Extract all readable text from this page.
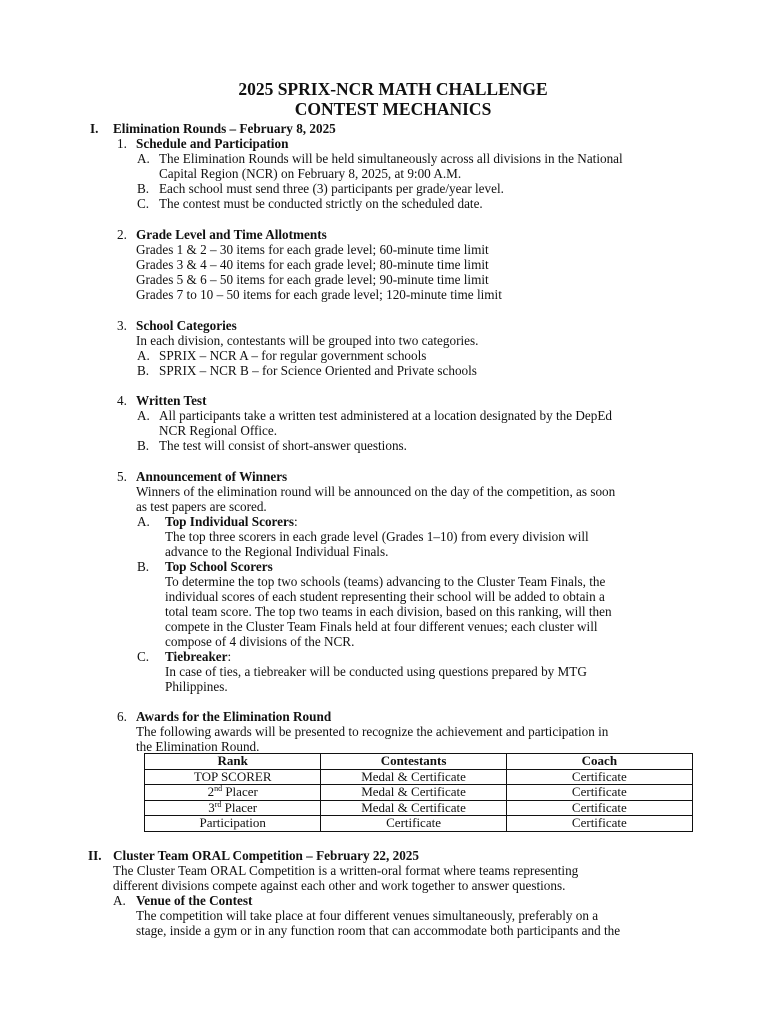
2025 SPRIX-NCR MATH CHALLENGE
CONTEST MECHANICS
I. Elimination Rounds – February 8, 2025
1. Schedule and Participation
A. The Elimination Rounds will be held simultaneously across all divisions in the National
Capital Region (NCR) on February 8, 2025, at 9:00 A.M.
B. Each school must send three (3) participants per grade/year level.
C. The contest must be conducted strictly on the scheduled date.
2. Grade Level and Time Allotments
Grades 1 & 2 – 30 items for each grade level; 60-minute time limit
Grades 3 & 4 – 40 items for each grade level; 80-minute time limit
Grades 5 & 6 – 50 items for each grade level; 90-minute time limit
Grades 7 to 10 – 50 items for each grade level; 120-minute time limit
3. School Categories
In each division, contestants will be grouped into two categories.
A. SPRIX – NCR A – for regular government schools
B. SPRIX – NCR B – for Science Oriented and Private schools
4. Written Test
A. All participants take a written test administered at a location designated by the DepEd
NCR Regional Office.
B. The test will consist of short-answer questions.
5. Announcement of Winners
Winners of the elimination round will be announced on the day of the competition, as soon
as test papers are scored.
A. Top Individual Scorers:
The top three scorers in each grade level (Grades 1–10) from every division will
advance to the Regional Individual Finals.
B. Top School Scorers
To determine the top two schools (teams) advancing to the Cluster Team Finals, the
individual scores of each student representing their school will be added to obtain a
total team score. The top two teams in each division, based on this ranking, will then
compete in the Cluster Team Finals held at four different venues; each cluster will
compose of 4 divisions of the NCR.
C. Tiebreaker:
In case of ties, a tiebreaker will be conducted using questions prepared by MTG
Philippines.
6. Awards for the Elimination Round
The following awards will be presented to recognize the achievement and participation in
the Elimination Round.
Rank	Contestants	Coach
TOP SCORER	Medal & Certificate	Certificate
2nd Placer	Medal & Certificate	Certificate
3rd Placer	Medal & Certificate	Certificate
Participation	Certificate	Certificate
II. Cluster Team ORAL Competition – February 22, 2025
The Cluster Team ORAL Competition is a written-oral format where teams representing
different divisions compete against each other and work together to answer questions.
A. Venue of the Contest
The competition will take place at four different venues simultaneously, preferably on a
stage, inside a gym or in any function room that can accommodate both participants and the
